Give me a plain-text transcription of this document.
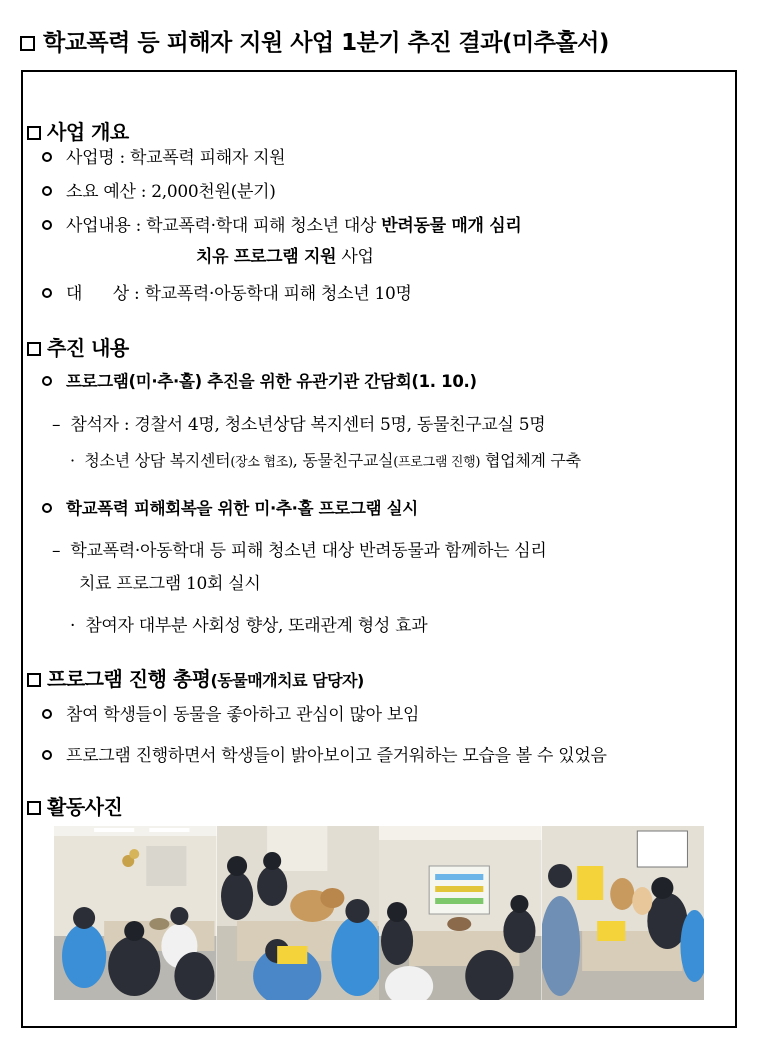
학교폭력 등 피해자 지원 사업 1분기 추진 결과(미추홀서)
사업 개요
사업명 : 학교폭력 피해자 지원
소요 예산 : 2,000천원(분기)
사업내용 : 학교폭력·학대 피해 청소년 대상 반려동물 매개 심리
치유 프로그램 지원 사업
대      상 : 학교폭력·아동학대 피해 청소년 10명
추진 내용
프로그램(미·추·홀) 추진을 위한 유관기관 간담회(1. 10.)
–  참석자 : 경찰서 4명, 청소년상담 복지센터 5명, 동물친구교실 5명
·  청소년 상담 복지센터(장소 협조), 동물친구교실(프로그램 진행) 협업체계 구축
학교폭력 피해회복을 위한 미·추·홀 프로그램 실시
–  학교폭력·아동학대 등 피해 청소년 대상 반려동물과 함께하는 심리
치료 프로그램 10회 실시
·  참여자 대부분 사회성 향상, 또래관계 형성 효과
프로그램 진행 총평(동물매개치료 담당자)
참여 학생들이 동물을 좋아하고 관심이 많아 보임
프로그램 진행하면서 학생들이 밝아보이고 즐거워하는 모습을 볼 수 있었음
활동사진
